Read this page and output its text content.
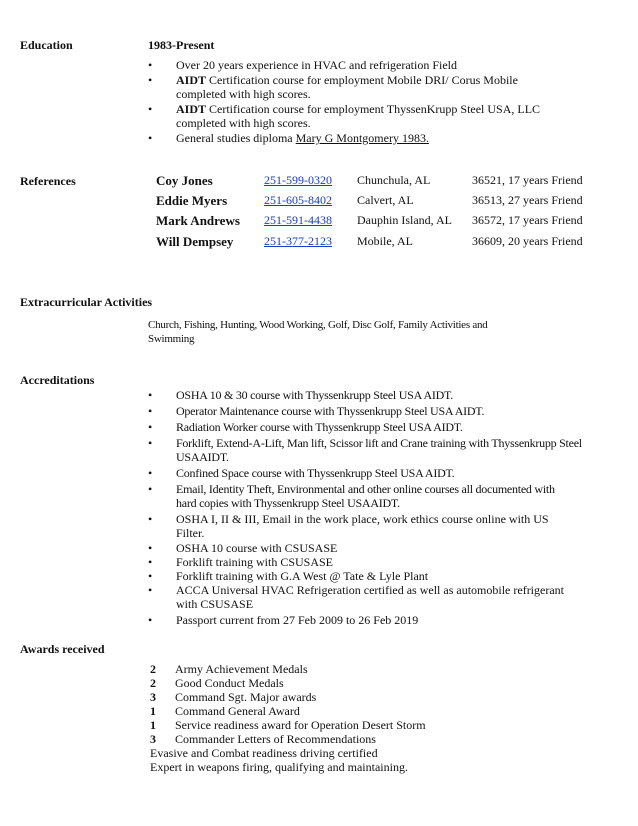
Education	1983-Present
• Over 20 years experience in HVAC and refrigeration Field
• AIDT Certification course for employment Mobile DRI/ Corus Mobile
completed with high scores.
• AIDT Certification course for employment ThyssenKrupp Steel USA, LLC
completed with high scores.
• General studies diploma Mary G Montgomery 1983.
References	Coy Jones	251-599-0320 Chunchula, AL	36521, 17 years Friend
Eddie Myers	251-605-8402 Calvert, AL	36513, 27 years Friend
Mark Andrews 251-591-4438 Dauphin Island, AL 36572, 17 years Friend
Will Dempsey	251-377-2123 Mobile, AL	36609, 20 years Friend
Extracurricular Activities
Church, Fishing, Hunting, Wood Working, Golf, Disc Golf, Family Activities and
Swimming
Accreditations
• OSHA 10 & 30 course with Thyssenkrupp Steel USA AIDT.
• Operator Maintenance course with Thyssenkrupp Steel USA AIDT.
• Radiation Worker course with Thyssenkrupp Steel USA AIDT.
• Forklift, Extend-A-Lift, Man lift, Scissor lift and Crane training with Thyssenkrupp Steel
USAAIDT.
• Confined Space course with Thyssenkrupp Steel USA AIDT.
• Email, Identity Theft, Environmental and other online courses all documented with
hard copies with Thyssenkrupp Steel USAAIDT.
• OSHA I, II & III, Email in the work place, work ethics course online with US
Filter.
• OSHA 10 course with CSUSASE
• Forklift training with CSUSASE
• Forklift training with G.A West @ Tate & Lyle Plant
• ACCA Universal HVAC Refrigeration certified as well as automobile refrigerant
with CSUSASE
• Passport current from 27 Feb 2009 to 26 Feb 2019
Awards received
2 Army Achievement Medals
2 Good Conduct Medals
3 Command Sgt. Major awards
1 Command General Award
1 Service readiness award for Operation Desert Storm
3 Commander Letters of Recommendations
Evasive and Combat readiness driving certified
Expert in weapons firing, qualifying and maintaining.
